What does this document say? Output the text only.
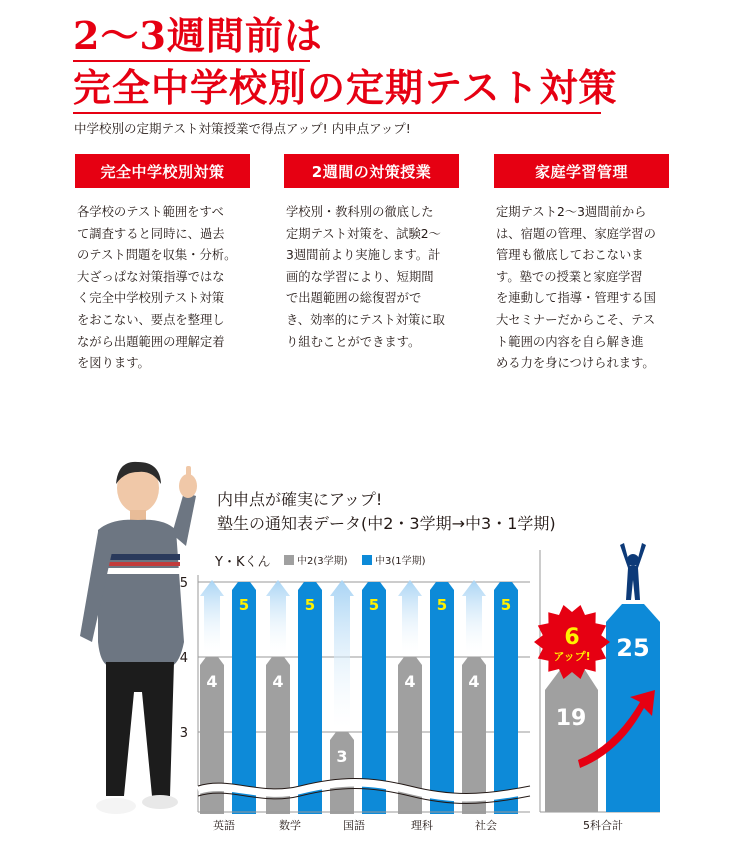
2〜3週間前は
完全中学校別の定期テスト対策
中学校別の定期テスト対策授業で得点アップ! 内申点アップ!
完全中学校別対策
各学校のテスト範囲をすべ
て調査すると同時に、過去
のテスト問題を収集・分析。
大ざっぱな対策指導ではな
く完全中学校別テスト対策
をおこない、要点を整理し
ながら出題範囲の理解定着
を図ります。
2週間の対策授業
学校別・教科別の徹底した
定期テスト対策を、試験2〜
3週間前より実施します。計
画的な学習により、短期間
で出題範囲の総復習がで
き、効率的にテスト対策に取
り組むことができます。
家庭学習管理
定期テスト2〜3週間前から
は、宿題の管理、家庭学習の
管理も徹底しておこないま
す。塾での授業と家庭学習
を連動して指導・管理する国
大セミナーだからこそ、テス
ト範囲の内容を自ら解き進
める力を身につけられます。
内申点が確実にアップ!
塾生の通知表データ(中2・3学期→中3・1学期)
3
4
5
Y・Kくん	中2(3学期)	中3(1学期)
4
5
英語
4
5
数学
3
5
国語
4
5
理科
4
5
社会
19
25
6
アップ!
5科合計
